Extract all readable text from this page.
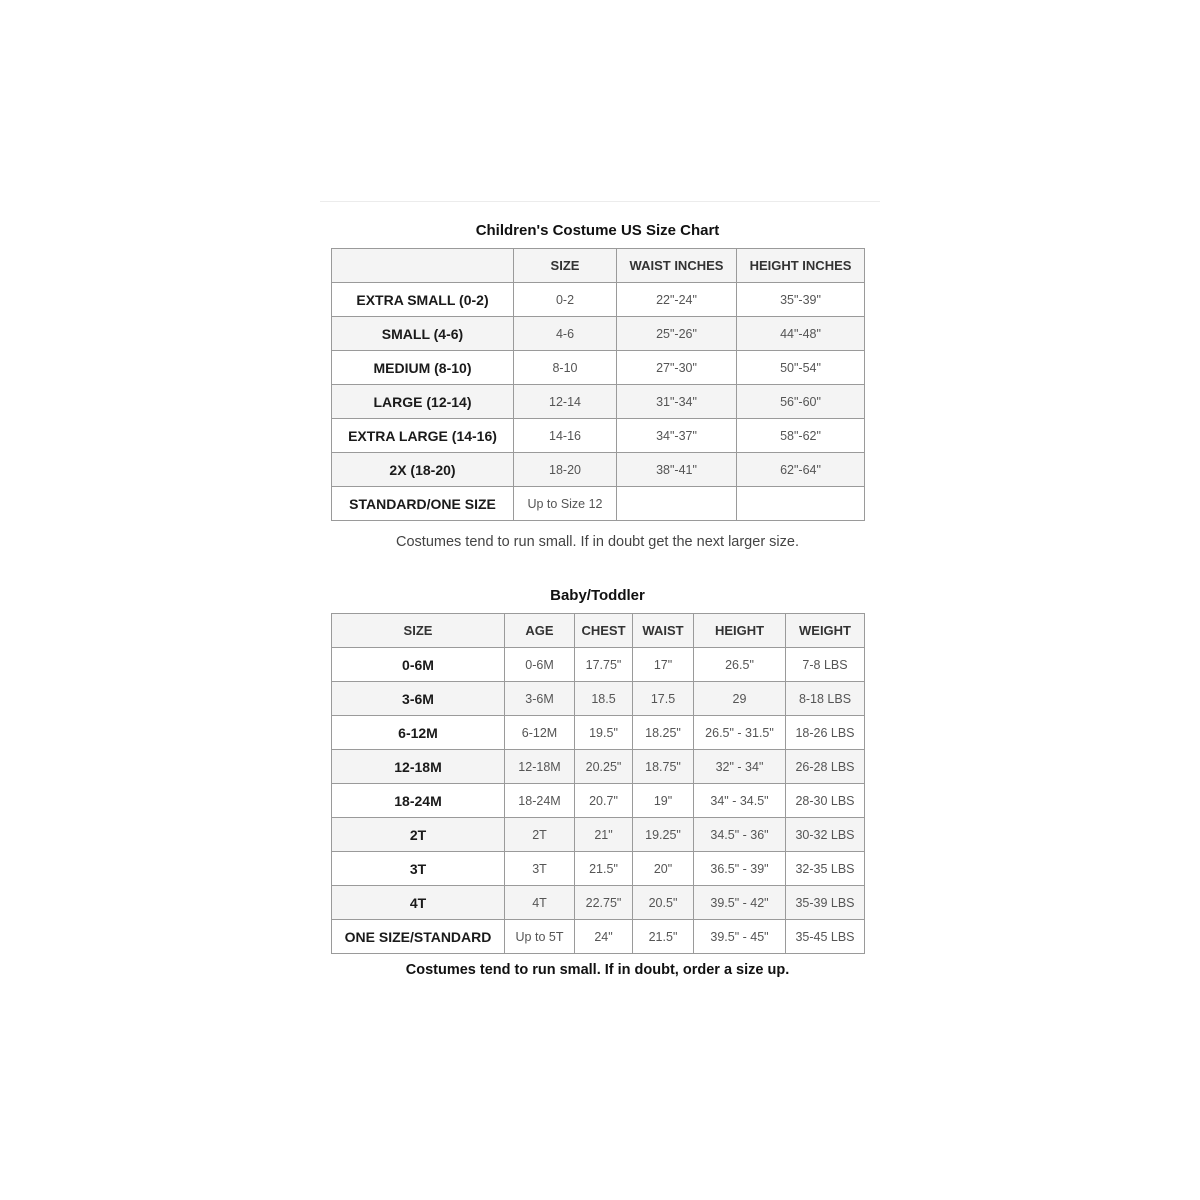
Children's Costume US Size Chart
	SIZE	WAIST INCHES	HEIGHT INCHES
EXTRA SMALL (0-2)	0-2	22"-24"	35"-39"
SMALL (4-6)	4-6	25"-26"	44"-48"
MEDIUM (8-10)	8-10	27"-30"	50"-54"
LARGE (12-14)	12-14	31"-34"	56"-60"
EXTRA LARGE (14-16)	14-16	34"-37"	58"-62"
2X (18-20)	18-20	38"-41"	62"-64"
STANDARD/ONE SIZE	Up to Size 12		

Costumes tend to run small. If in doubt get the next larger size.

Baby/Toddler
SIZE	AGE	CHEST	WAIST	HEIGHT	WEIGHT
0-6M	0-6M	17.75"	17"	26.5"	7-8 LBS
3-6M	3-6M	18.5	17.5	29	8-18 LBS
6-12M	6-12M	19.5"	18.25"	26.5" - 31.5"	18-26 LBS
12-18M	12-18M	20.25"	18.75"	32" - 34"	26-28 LBS
18-24M	18-24M	20.7"	19"	34" - 34.5"	28-30 LBS
2T	2T	21"	19.25"	34.5" - 36"	30-32 LBS
3T	3T	21.5"	20"	36.5" - 39"	32-35 LBS
4T	4T	22.75"	20.5"	39.5" - 42"	35-39 LBS
ONE SIZE/STANDARD	Up to 5T	24"	21.5"	39.5" - 45"	35-45 LBS

Costumes tend to run small. If in doubt, order a size up.
